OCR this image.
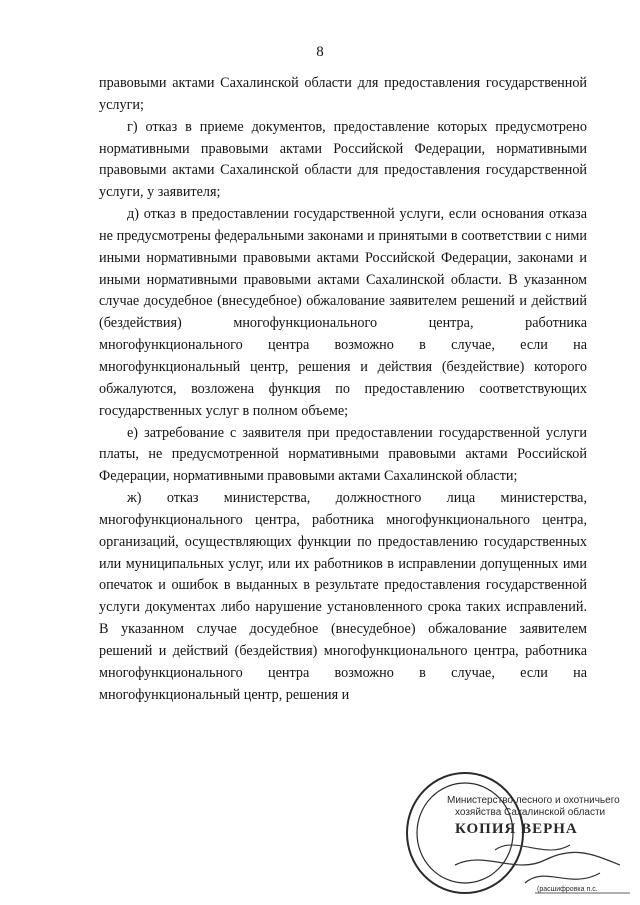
8

правовыми актами Сахалинской области для предоставления государственной услуги;

г) отказ в приеме документов, предоставление которых предусмотрено нормативными правовыми актами Российской Федерации, нормативными правовыми актами Сахалинской области для предоставления государственной услуги, у заявителя;

д) отказ в предоставлении государственной услуги, если основания отказа не предусмотрены федеральными законами и принятыми в соответствии с ними иными нормативными правовыми актами Российской Федерации, законами и иными нормативными правовыми актами Сахалинской области. В указанном случае досудебное (внесудебное) обжалование заявителем решений и действий (бездействия) многофункционального центра, работника многофункционального центра возможно в случае, если на многофункциональный центр, решения и действия (бездействие) которого обжалуются, возложена функция по предоставлению соответствующих государственных услуг в полном объеме;

е) затребование с заявителя при предоставлении государственной услуги платы, не предусмотренной нормативными правовыми актами Российской Федерации, нормативными правовыми актами Сахалинской области;

ж) отказ министерства, должностного лица министерства, многофункционального центра, работника многофункционального центра, организаций, осуществляющих функции по предоставлению государственных или муниципальных услуг, или их работников в исправлении допущенных ими опечаток и ошибок в выданных в результате предоставления государственной услуги документах либо нарушение установленного срока таких исправлений. В указанном случае досудебное (внесудебное) обжалование заявителем решений и действий (бездействия) многофункционального центра, работника многофункционального центра возможно в случае, если на многофункциональный центр, решения и

Министерство лесного и охотничьего
хозяйства Сахалинской области
КОПИЯ ВЕРНА
(расшифровка п.с.
